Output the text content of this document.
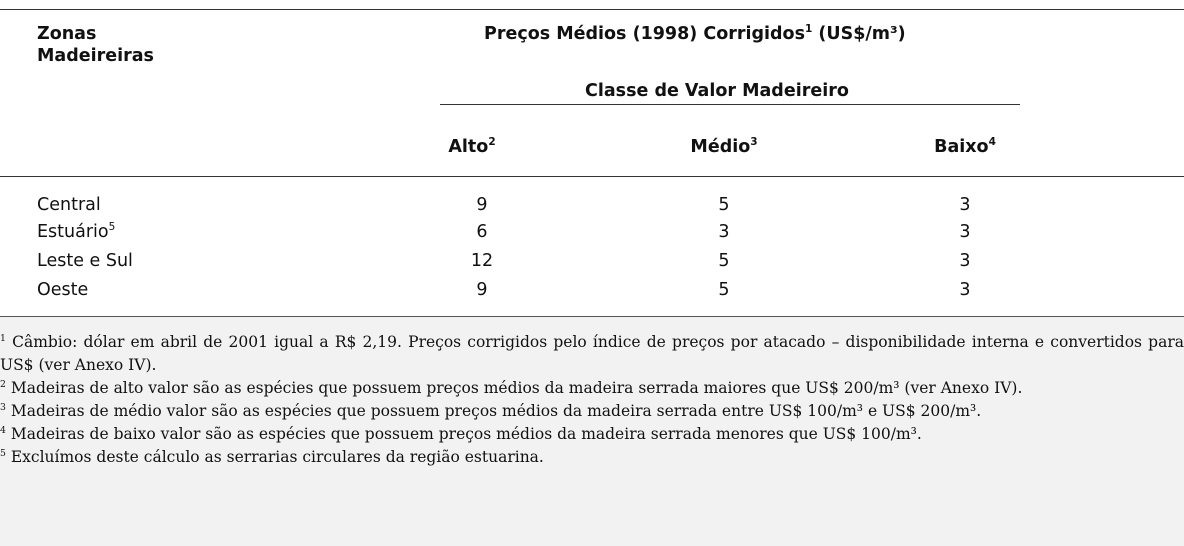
Zonas
Madeireiras
Preços Médios (1998) Corrigidos$^1$ (US$/m³)
Classe de Valor Madeireiro
Alto$^2$	Médio$^3$	Baixo$^4$
Central	9	5	3
Estuário$^5$	6	3	3
Leste e Sul	12	5	3
Oeste	9	5	3
$^1$ Câmbio: dólar em abril de 2001 igual a R$ 2,19. Preços corrigidos pelo índice de preços por atacado – disponibilidade interna e convertidos para US$ (ver Anexo IV).
$^2$ Madeiras de alto valor são as espécies que possuem preços médios da madeira serrada maiores que US$ 200/m³ (ver Anexo IV).
$^3$ Madeiras de médio valor são as espécies que possuem preços médios da madeira serrada entre US$ 100/m³ e US$ 200/m³.
$^4$ Madeiras de baixo valor são as espécies que possuem preços médios da madeira serrada menores que US$ 100/m³.
$^5$ Excluímos deste cálculo as serrarias circulares da região estuarina.
